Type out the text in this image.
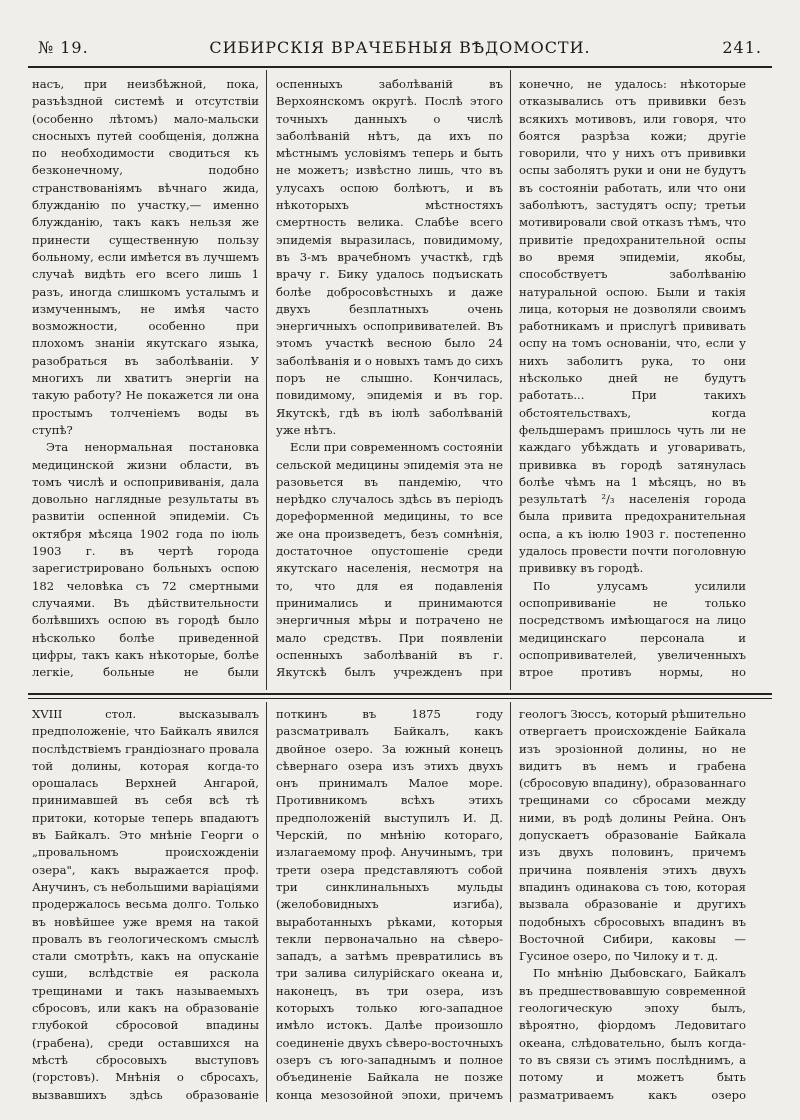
№ 19.	СИБИРСКІЯ ВРАЧЕБНЫЯ ВѢДОМОСТИ.	241.

насъ, при неизбѣжной, пока, разъѣздной системѣ и отсутствіи (особенно лѣтомъ) мало-мальски сносныхъ путей сообщенія, должна по необходимости сводиться къ безконечному, подобно странствованіямъ вѣчнаго жида, блужданію по участку,— именно блужданію, такъ какъ нельзя же принести существенную пользу больному, если имѣется въ лучшемъ случаѣ видѣть его всего лишь 1 разъ, иногда слишкомъ усталымъ и измученнымъ, не имѣя часто возможности, особенно при плохомъ знаніи якутскаго языка, разобраться въ заболѣваніи. У многихъ ли хватитъ энергіи на такую работу? Не покажется ли она простымъ толченіемъ воды въ ступѣ?

Эта ненормальная постановка медицинской жизни области, въ томъ числѣ и оспопрививанія, дала довольно наглядные результаты въ развитіи оспенной эпидеміи. Съ октября мѣсяца 1902 года по іюль 1903 г. въ чертѣ города зарегистрировано больныхъ оспою 182 человѣка съ 72 смертными случаями. Въ дѣйствительности болѣвшихъ оспою въ городѣ было нѣсколько болѣе приведенной цифры, такъ какъ нѣкоторые, болѣе легкіе, больные не были

оспенныхъ заболѣваній въ Верхоянскомъ округѣ. Послѣ этого точныхъ данныхъ о числѣ заболѣваній нѣтъ, да ихъ по мѣстнымъ условіямъ теперь и быть не можетъ; извѣстно лишь, что въ улусахъ оспою болѣютъ, и въ нѣкоторыхъ мѣстностяхъ смертность велика. Слабѣе всего эпидемія выразилась, повидимому, въ 3-мъ врачебномъ участкѣ, гдѣ врачу г. Бику удалось подъискать болѣе добросовѣстныхъ и даже двухъ безплатныхъ очень энергичныхъ оспопрививателей. Въ этомъ участкѣ весною было 24 заболѣванія и о новыхъ тамъ до сихъ поръ не слышно. Кончилась, повидимому, эпидемія и въ гор. Якутскѣ, гдѣ въ іюлѣ заболѣваній уже нѣтъ.

Если при современномъ состояніи сельской медицины эпидемія эта не разовьется въ пандемію, что нерѣдко случалось здѣсь въ періодъ дореформенной медицины, то все же она произведетъ, безъ сомнѣнія, достаточное опустошеніе среди якутскаго населенія, несмотря на то, что для ея подавленія принимались и принимаются энергичныя мѣры и потрачено не мало средствъ. При появленіи оспенныхъ заболѣваній въ г. Якутскѣ былъ учрежденъ при

конечно, не удалось: нѣкоторые отказывались отъ прививки безъ всякихъ мотивовъ, или говоря, что боятся разрѣза кожи; другіе говорили, что у нихъ отъ прививки оспы заболятъ руки и они не будутъ въ состояніи работать, или что они заболѣютъ, застудятъ оспу; третьи мотивировали свой отказъ тѣмъ, что привитіе предохранительной оспы во время эпидеміи, якобы, способствуетъ заболѣванію натуральной оспою. Были и такія лица, которыя не дозволяли своимъ работникамъ и прислугѣ прививать оспу на томъ основаніи, что, если у нихъ заболитъ рука, то они нѣсколько дней не будутъ работать... При такихъ обстоятельствахъ, когда фельдшерамъ пришлось чуть ли не каждаго убѣждать и уговаривать, прививка въ городѣ затянулась болѣе чѣмъ на 1 мѣсяцъ, но въ результатѣ ²/₃ населенія города была привита предохранительная оспа, а къ іюлю 1903 г. постепенно удалось провести почти поголовную прививку въ городѣ.

По улусамъ усилили оспопрививаніе не только посредствомъ имѣющагося на лицо медицинскаго персонала и оспопрививателей, увеличенныхъ втрое противъ нормы, но

XVIII стол. высказывалъ предположеніе, что Байкалъ явился послѣдствіемъ грандіознаго провала той долины, которая когда-то орошалась Верхней Ангарой, принимавшей въ себя всѣ тѣ притоки, которые теперь впадаютъ въ Байкалъ. Это мнѣніе Георги о „провальномъ происхожденіи озера", какъ выражается проф. Анучинъ, съ небольшими варіаціями продержалось весьма долго. Только въ новѣйшее уже время на такой провалъ въ геологическомъ смыслѣ стали смотрѣть, какъ на опусканіе суши, вслѣдствіе ея раскола трещинами и такъ называемыхъ сбросовъ, или какъ на образованіе глубокой сбросовой впадины (грабена), среди оставшихся на мѣстѣ сбросовыхъ выступовъ (горстовъ). Мнѣнія о сбросахъ, вызвавшихъ здѣсь образованіе

поткинъ въ 1875 году разсматривалъ Байкалъ, какъ двойное озеро. За южный конецъ сѣвернаго озера изъ этихъ двухъ онъ принималъ Малое море. Противникомъ всѣхъ этихъ предположеній выступилъ И. Д. Черскій, по мнѣнію котораго, излагаемому проф. Анучинымъ, три трети озера представляютъ собой три синклинальныхъ мульды (желобовидныхъ изгиба), выработанныхъ рѣками, которыя текли первоначально на сѣверо-западъ, а затѣмъ превратились въ три залива силурійскаго океана и, наконецъ, въ три озера, изъ которыхъ только юго-западное имѣло истокъ. Далѣе произошло соединеніе двухъ сѣверо-восточныхъ озеръ съ юго-западнымъ и полное объединеніе Байкала не позже конца мезозойной эпохи, причемъ

геологъ Зюссъ, который рѣшительно отвергаетъ происхожденіе Байкала изъ эрозіонной долины, но не видитъ въ немъ и грабена (сбросовую впадину), образованнаго трещинами со сбросами между ними, въ родѣ долины Рейна. Онъ допускаетъ образованіе Байкала изъ двухъ половинъ, причемъ причина появленія этихъ двухъ впадинъ одинакова съ тою, которая вызвала образованіе и другихъ подобныхъ сбросовыхъ впадинъ въ Восточной Сибири, каковы — Гусиное озеро, по Чилоку и т. д.

По мнѣнію Дыбовскаго, Байкалъ въ предшествовавшую современной геологическую эпоху былъ, вѣроятно, фіордомъ Ледовитаго океана, слѣдовательно, былъ когда-то въ связи съ этимъ послѣднимъ, а потому и можетъ быть разматриваемъ какъ озеро
